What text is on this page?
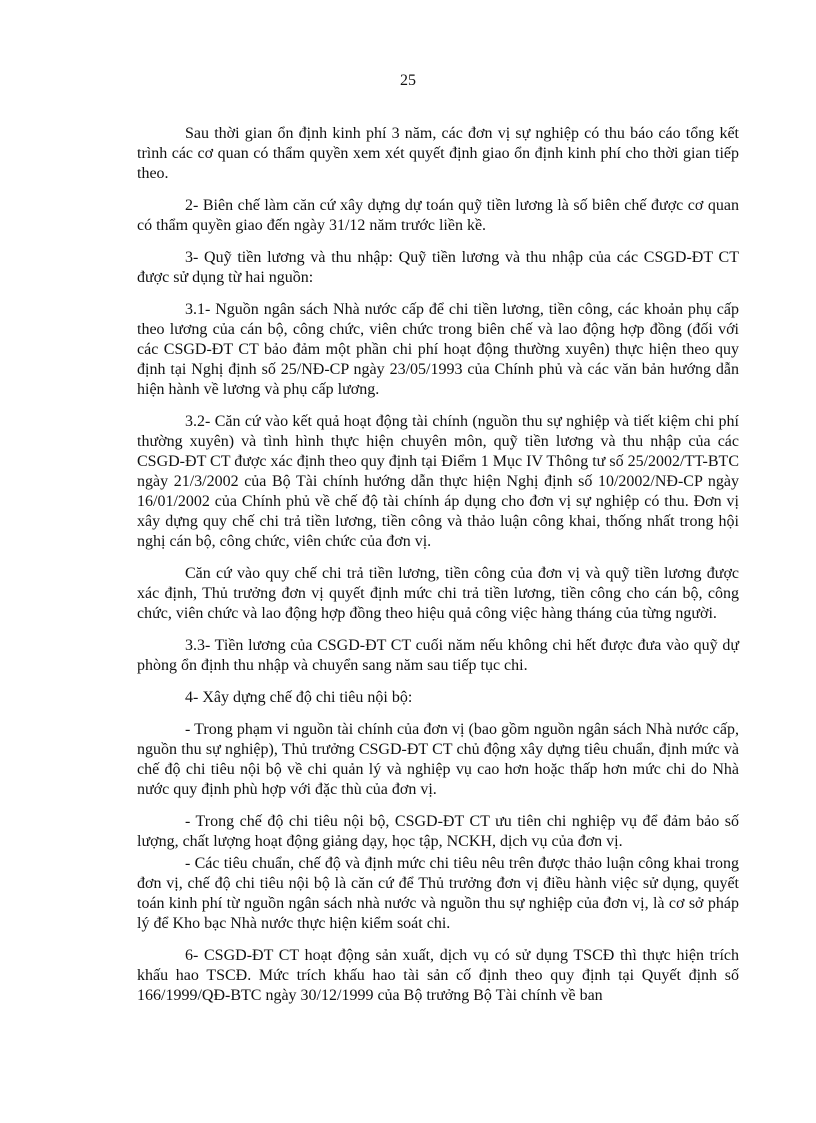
25

Sau thời gian ổn định kinh phí 3 năm, các đơn vị sự nghiệp có thu báo cáo tổng kết trình các cơ quan có thẩm quyền xem xét quyết định giao ổn định kinh phí cho thời gian tiếp theo.

2- Biên chế làm căn cứ xây dựng dự toán quỹ tiền lương là số biên chế được cơ quan có thẩm quyền giao đến ngày 31/12 năm trước liền kề.

3- Quỹ tiền lương và thu nhập: Quỹ tiền lương và thu nhập của các CSGD-ĐT CT được sử dụng từ hai nguồn:

3.1- Nguồn ngân sách Nhà nước cấp để chi tiền lương, tiền công, các khoản phụ cấp theo lương của cán bộ, công chức, viên chức trong biên chế và lao động hợp đồng (đối với các CSGD-ĐT CT bảo đảm một phần chi phí hoạt động thường xuyên) thực hiện theo quy định tại Nghị định số 25/NĐ-CP ngày 23/05/1993 của Chính phủ và các văn bản hướng dẫn hiện hành về lương và phụ cấp lương.

3.2- Căn cứ vào kết quả hoạt động tài chính (nguồn thu sự nghiệp và tiết kiệm chi phí thường xuyên) và tình hình thực hiện chuyên môn, quỹ tiền lương và thu nhập của các CSGD-ĐT CT được xác định theo quy định tại Điểm 1 Mục IV Thông tư số 25/2002/TT-BTC ngày 21/3/2002 của Bộ Tài chính hướng dẫn thực hiện Nghị định số 10/2002/NĐ-CP ngày 16/01/2002 của Chính phủ về chế độ tài chính áp dụng cho đơn vị sự nghiệp có thu. Đơn vị xây dựng quy chế chi trả tiền lương, tiền công và thảo luận công khai, thống nhất trong hội nghị cán bộ, công chức, viên chức của đơn vị.

Căn cứ vào quy chế chi trả tiền lương, tiền công của đơn vị và quỹ tiền lương được xác định, Thủ trưởng đơn vị quyết định mức chi trả tiền lương, tiền công cho cán bộ, công chức, viên chức và lao động hợp đồng theo hiệu quả công việc hàng tháng của từng người.

3.3- Tiền lương của CSGD-ĐT CT cuối năm nếu không chi hết được đưa vào quỹ dự phòng ổn định thu nhập và chuyển sang năm sau tiếp tục chi.

4- Xây dựng chế độ chi tiêu nội bộ:

- Trong phạm vi nguồn tài chính của đơn vị (bao gồm nguồn ngân sách Nhà nước cấp, nguồn thu sự nghiệp), Thủ trưởng CSGD-ĐT CT chủ động xây dựng tiêu chuẩn, định mức và chế độ chi tiêu nội bộ về chi quản lý và nghiệp vụ cao hơn hoặc thấp hơn mức chi do Nhà nước quy định phù hợp với đặc thù của đơn vị.

- Trong chế độ chi tiêu nội bộ, CSGD-ĐT CT ưu tiên chi nghiệp vụ để đảm bảo số lượng, chất lượng hoạt động giảng dạy, học tập, NCKH, dịch vụ của đơn vị.

- Các tiêu chuẩn, chế độ và định mức chi tiêu nêu trên được thảo luận công khai trong đơn vị, chế độ chi tiêu nội bộ là căn cứ để Thủ trưởng đơn vị điều hành việc sử dụng, quyết toán kinh phí từ nguồn ngân sách nhà nước và nguồn thu sự nghiệp của đơn vị, là cơ sở pháp lý để Kho bạc Nhà nước thực hiện kiểm soát chi.

6- CSGD-ĐT CT hoạt động sản xuất, dịch vụ có sử dụng TSCĐ thì thực hiện trích khấu hao TSCĐ. Mức trích khấu hao tài sản cố định theo quy định tại Quyết định số 166/1999/QĐ-BTC ngày 30/12/1999 của Bộ trưởng Bộ Tài chính về ban
